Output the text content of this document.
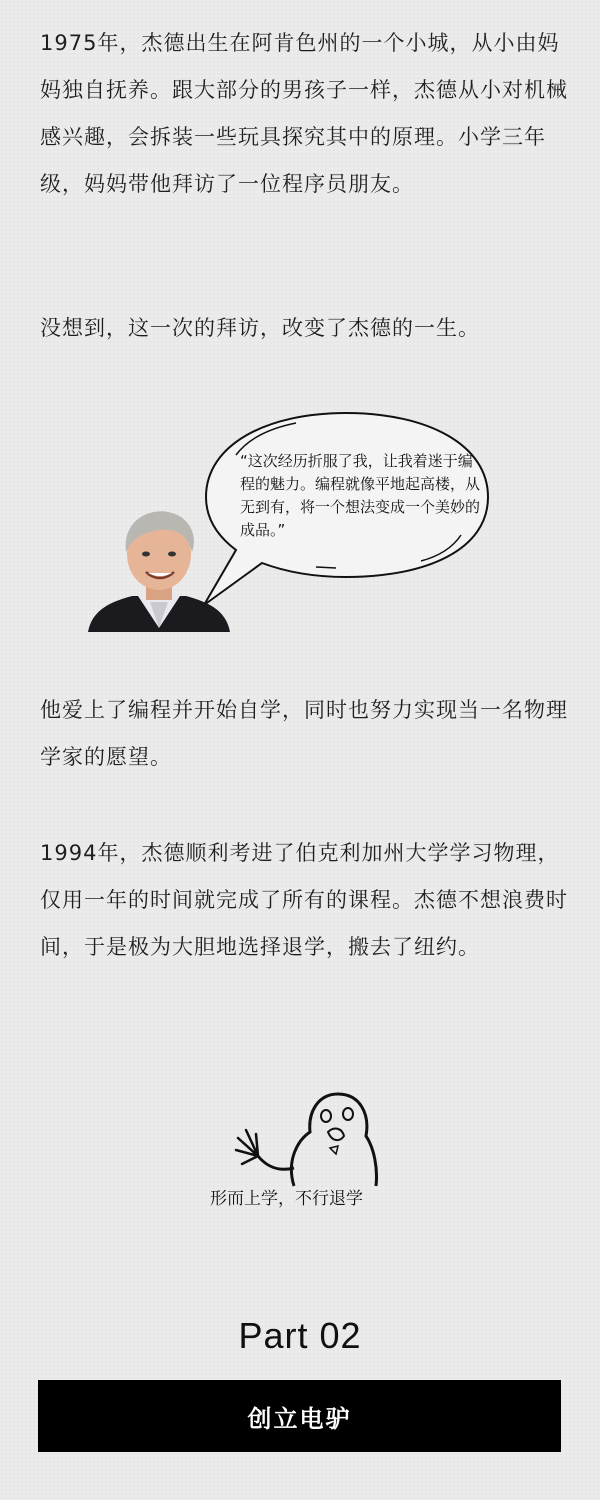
1975年，杰德出生在阿肯色州的一个小城，从小由妈妈独自抚养。跟大部分的男孩子一样，杰德从小对机械感兴趣，会拆装一些玩具探究其中的原理。小学三年级，妈妈带他拜访了一位程序员朋友。

没想到，这一次的拜访，改变了杰德的一生。

“这次经历折服了我，让我着迷于编程的魅力。编程就像平地起高楼，从无到有，将一个想法变成一个美妙的成品。”

他爱上了编程并开始自学，同时也努力实现当一名物理学家的愿望。

1994年，杰德顺利考进了伯克利加州大学学习物理，仅用一年的时间就完成了所有的课程。杰德不想浪费时间，于是极为大胆地选择退学，搬去了纽约。

形而上学，不行退学

Part 02
创立电驴
